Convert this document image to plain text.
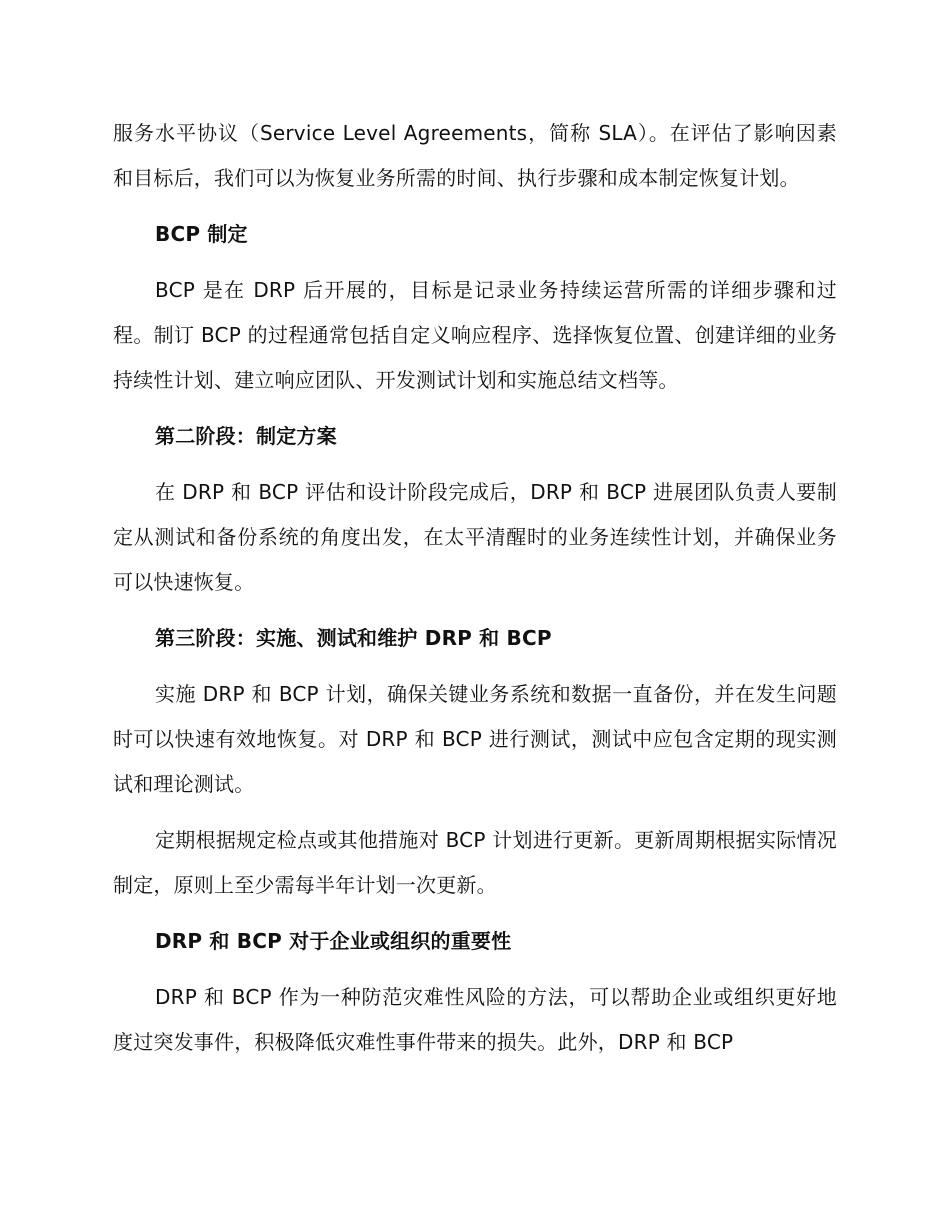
服务水平协议（Service Level Agreements，简称 SLA）。在评估了影响因素和目标后，我们可以为恢复业务所需的时间、执行步骤和成本制定恢复计划。

BCP 制定

BCP 是在 DRP 后开展的，目标是记录业务持续运营所需的详细步骤和过程。制订 BCP 的过程通常包括自定义响应程序、选择恢复位置、创建详细的业务持续性计划、建立响应团队、开发测试计划和实施总结文档等。

第二阶段：制定方案

在 DRP 和 BCP 评估和设计阶段完成后，DRP 和 BCP 进展团队负责人要制定从测试和备份系统的角度出发，在太平清醒时的业务连续性计划，并确保业务可以快速恢复。

第三阶段：实施、测试和维护 DRP 和 BCP

实施 DRP 和 BCP 计划，确保关键业务系统和数据一直备份，并在发生问题时可以快速有效地恢复。对 DRP 和 BCP 进行测试，测试中应包含定期的现实测试和理论测试。

定期根据规定检点或其他措施对 BCP 计划进行更新。更新周期根据实际情况制定，原则上至少需每半年计划一次更新。

DRP 和 BCP 对于企业或组织的重要性

DRP 和 BCP 作为一种防范灾难性风险的方法，可以帮助企业或组织更好地度过突发事件，积极降低灾难性事件带来的损失。此外，DRP 和 BCP
